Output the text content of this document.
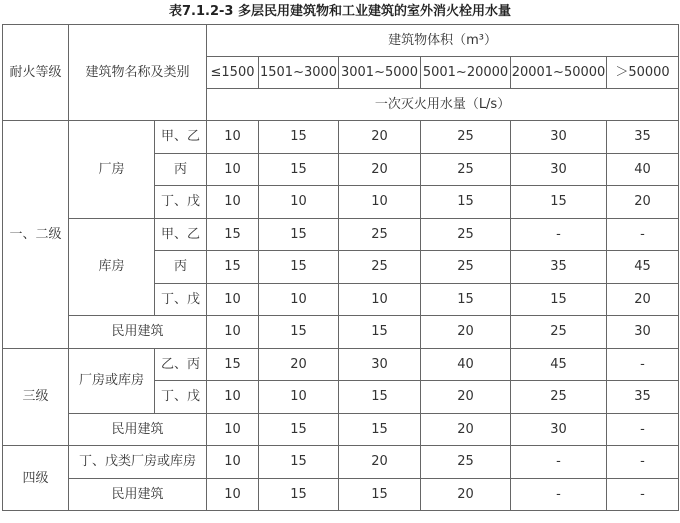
表7.1.2-3 多层民用建筑物和工业建筑的室外消火栓用水量
耐火等级	建筑物名称及类别		建筑物体积（m³）					
			≤1500	1501~3000	3001~5000	5001~20000	20001~50000	＞50000
			一次灭火用水量（L/s）					
一、二级	厂房	甲、乙	10	15	20	25	30	35
		丙	10	15	20	25	30	40
		丁、戊	10	10	10	15	15	20
	库房	甲、乙	15	15	25	25	-	-
		丙	15	15	25	25	35	45
		丁、戊	10	10	10	15	15	20
	民用建筑		10	15	15	20	25	30
三级	厂房或库房	乙、丙	15	20	30	40	45	-
		丁、戊	10	10	15	20	25	35
	民用建筑		10	15	15	20	30	-
四级	丁、戊类厂房或库房		10	15	20	25	-	-
	民用建筑		10	15	15	20	-	-
